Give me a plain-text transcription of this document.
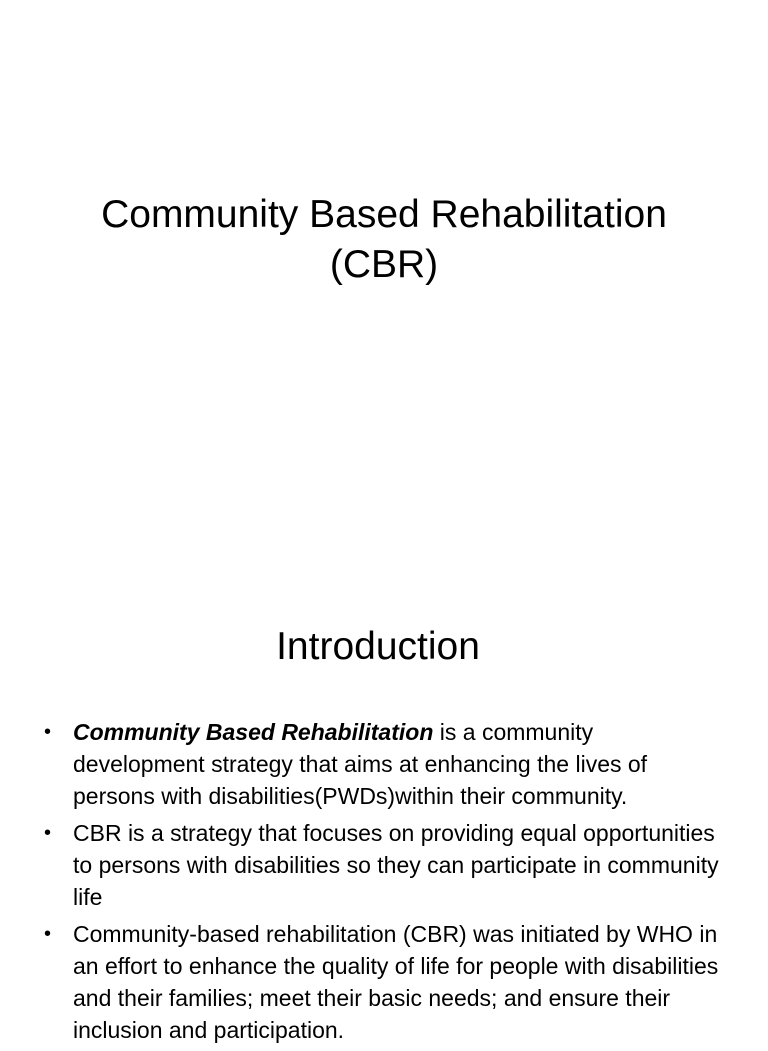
Community Based Rehabilitation
(CBR)
Introduction
• Community Based Rehabilitation is a community development strategy that aims at enhancing the lives of persons with disabilities(PWDs)within their community.
• CBR is a strategy that focuses on providing equal opportunities to persons with disabilities so they can participate in community life
• Community-based rehabilitation (CBR) was initiated by WHO in an effort to enhance the quality of life for people with disabilities and their families; meet their basic needs; and ensure their inclusion and participation.
